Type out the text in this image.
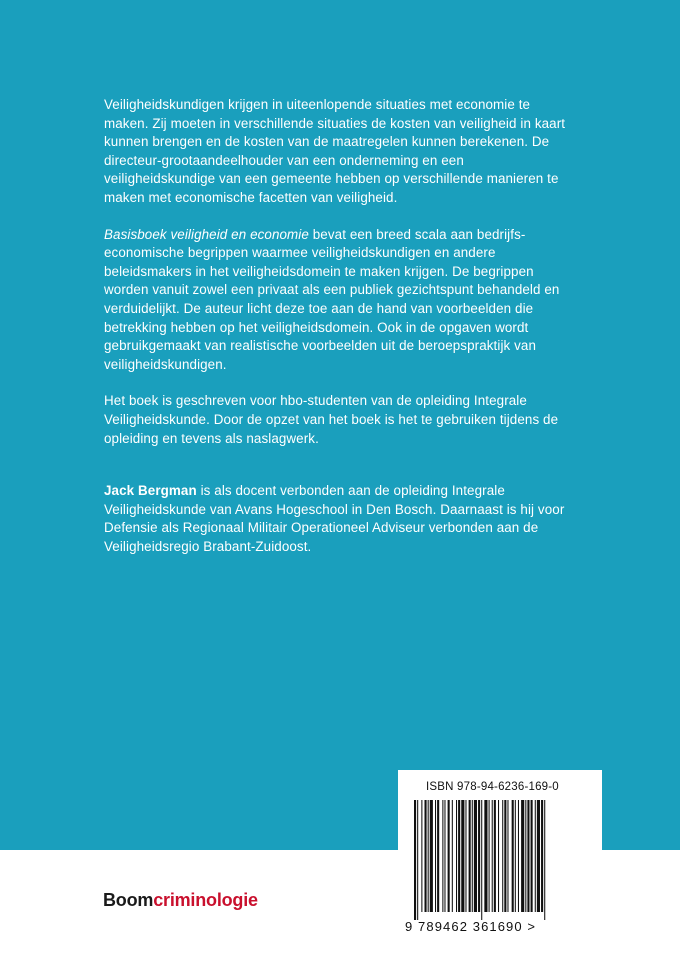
Veiligheidskundigen krijgen in uiteenlopende situaties met economie te maken. Zij moeten in verschillende situaties de kosten van veiligheid in kaart kunnen brengen en de kosten van de maatregelen kunnen berekenen. De directeur-grootaandeelhouder van een onderneming en een veiligheidskundige van een gemeente hebben op verschillende manieren te maken met economische facetten van veiligheid.

Basisboek veiligheid en economie bevat een breed scala aan bedrijfs-economische begrippen waarmee veiligheidskundigen en andere beleidsmakers in het veiligheidsdomein te maken krijgen. De begrippen worden vanuit zowel een privaat als een publiek gezichtspunt behandeld en verduidelijkt. De auteur licht deze toe aan de hand van voorbeelden die betrekking hebben op het veiligheidsdomein. Ook in de opgaven wordt gebruikgemaakt van realistische voorbeelden uit de beroepspraktijk van veiligheidskundigen.

Het boek is geschreven voor hbo-studenten van de opleiding Integrale Veiligheidskunde. Door de opzet van het boek is het te gebruiken tijdens de opleiding en tevens als naslagwerk.

Jack Bergman is als docent verbonden aan de opleiding Integrale Veiligheidskunde van Avans Hogeschool in Den Bosch. Daarnaast is hij voor Defensie als Regionaal Militair Operationeel Adviseur verbonden aan de Veiligheidsregio Brabant-Zuidoost.

Boomcriminologie
ISBN 978-94-6236-169-0
9 789462 361690 >
